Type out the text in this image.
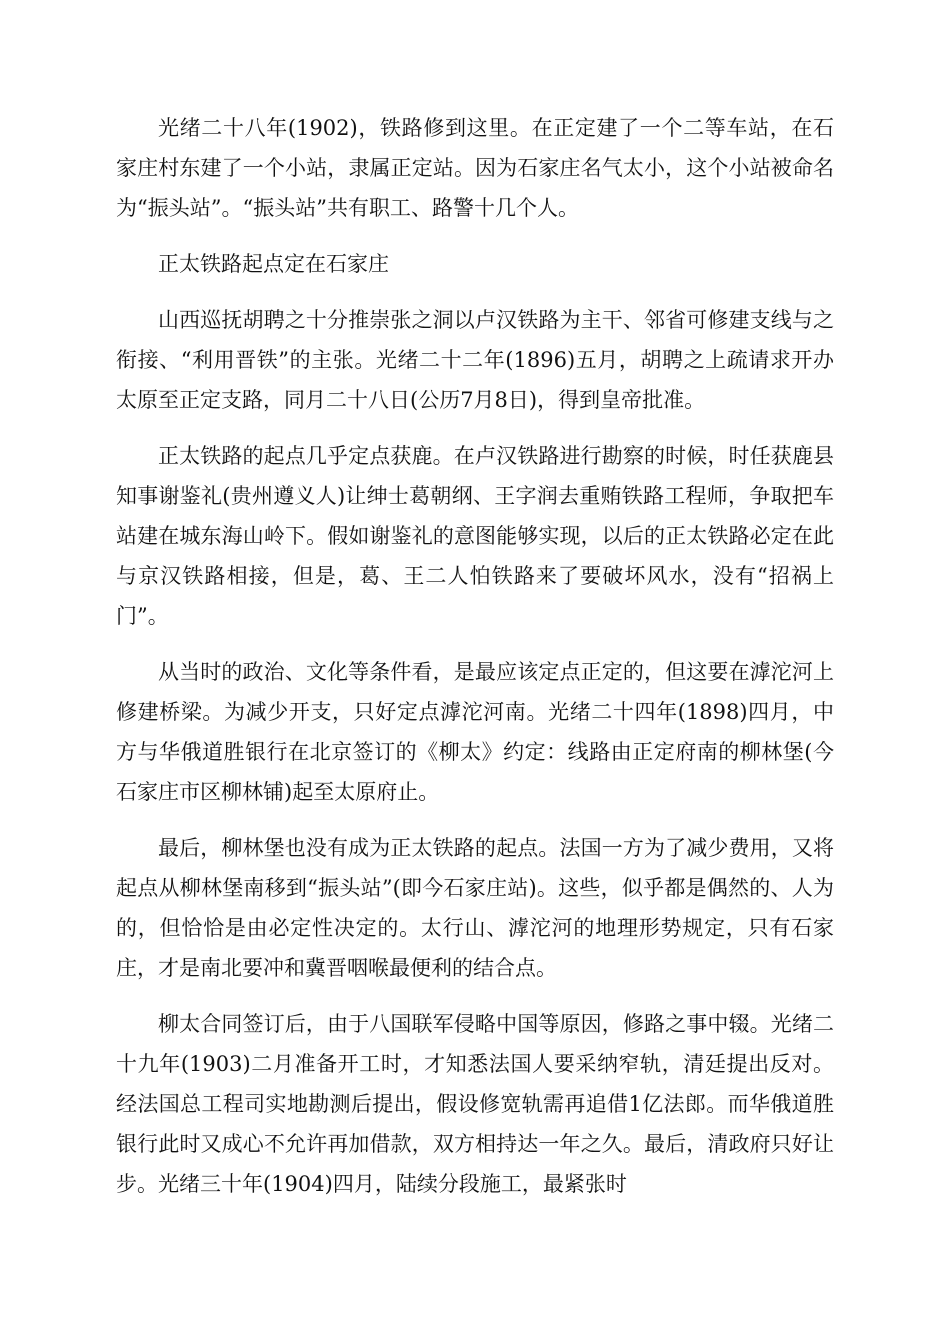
光绪二十八年(1902)，铁路修到这里。在正定建了一个二等车站，在石家庄村东建了一个小站，隶属正定站。因为石家庄名气太小，这个小站被命名为“振头站”。“振头站”共有职工、路警十几个人。

正太铁路起点定在石家庄

山西巡抚胡聘之十分推崇张之洞以卢汉铁路为主干、邻省可修建支线与之衔接、“利用晋铁”的主张。光绪二十二年(1896)五月，胡聘之上疏请求开办太原至正定支路，同月二十八日(公历7月8日)，得到皇帝批准。

正太铁路的起点几乎定点获鹿。在卢汉铁路进行勘察的时候，时任获鹿县知事谢鉴礼(贵州遵义人)让绅士葛朝纲、王字润去重贿铁路工程师，争取把车站建在城东海山岭下。假如谢鉴礼的意图能够实现，以后的正太铁路必定在此与京汉铁路相接，但是，葛、王二人怕铁路来了要破坏风水，没有“招祸上门”。

从当时的政治、文化等条件看，是最应该定点正定的，但这要在滹沱河上修建桥梁。为减少开支，只好定点滹沱河南。光绪二十四年(1898)四月，中方与华俄道胜银行在北京签订的《柳太》约定：线路由正定府南的柳林堡(今石家庄市区柳林铺)起至太原府止。

最后，柳林堡也没有成为正太铁路的起点。法国一方为了减少费用，又将起点从柳林堡南移到“振头站”(即今石家庄站)。这些，似乎都是偶然的、人为的，但恰恰是由必定性决定的。太行山、滹沱河的地理形势规定，只有石家庄，才是南北要冲和冀晋咽喉最便利的结合点。

柳太合同签订后，由于八国联军侵略中国等原因，修路之事中辍。光绪二十九年(1903)二月准备开工时，才知悉法国人要采纳窄轨，清廷提出反对。经法国总工程司实地勘测后提出，假设修宽轨需再追借1亿法郎。而华俄道胜银行此时又成心不允许再加借款，双方相持达一年之久。最后，清政府只好让步。光绪三十年(1904)四月，陆续分段施工，最紧张时
